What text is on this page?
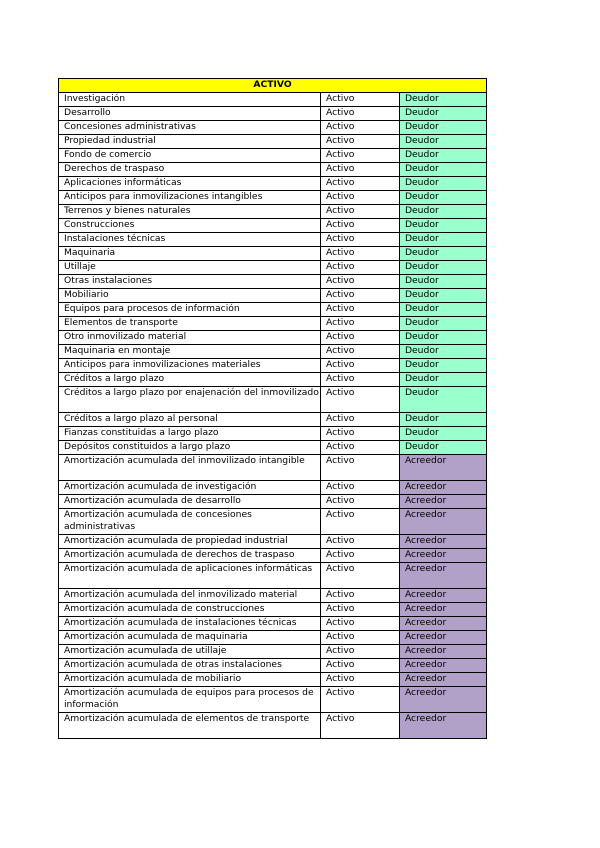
ACTIVO		
Investigación	Activo	Deudor
Desarrollo	Activo	Deudor
Concesiones administrativas	Activo	Deudor
Propiedad industrial	Activo	Deudor
Fondo de comercio	Activo	Deudor
Derechos de traspaso	Activo	Deudor
Aplicaciones informáticas	Activo	Deudor
Anticipos para inmovilizaciones intangibles	Activo	Deudor
Terrenos y bienes naturales	Activo	Deudor
Construcciones	Activo	Deudor
Instalaciones técnicas	Activo	Deudor
Maquinaria	Activo	Deudor
Utillaje	Activo	Deudor
Otras instalaciones	Activo	Deudor
Mobiliario	Activo	Deudor
Equipos para procesos de información	Activo	Deudor
Elementos de transporte	Activo	Deudor
Otro inmovilizado material	Activo	Deudor
Maquinaria en montaje	Activo	Deudor
Anticipos para inmovilizaciones materiales	Activo	Deudor
Créditos a largo plazo	Activo	Deudor
Créditos a largo plazo por enajenación del inmovilizado	Activo	Deudor
Créditos a largo plazo al personal	Activo	Deudor
Fianzas constituidas a largo plazo	Activo	Deudor
Depósitos constituidos a largo plazo	Activo	Deudor
Amortización acumulada del inmovilizado intangible	Activo	Acreedor
Amortización acumulada de investigación	Activo	Acreedor
Amortización acumulada de desarrollo	Activo	Acreedor
Amortización acumulada de concesiones administrativas	Activo	Acreedor
Amortización acumulada de propiedad industrial	Activo	Acreedor
Amortización acumulada de derechos de traspaso	Activo	Acreedor
Amortización acumulada de aplicaciones informáticas	Activo	Acreedor
Amortización acumulada del inmovilizado material	Activo	Acreedor
Amortización acumulada de construcciones	Activo	Acreedor
Amortización acumulada de instalaciones técnicas	Activo	Acreedor
Amortización acumulada de maquinaria	Activo	Acreedor
Amortización acumulada de utillaje	Activo	Acreedor
Amortización acumulada de otras instalaciones	Activo	Acreedor
Amortización acumulada de mobiliario	Activo	Acreedor
Amortización acumulada de equipos para procesos de información	Activo	Acreedor
Amortización acumulada de elementos de transporte	Activo	Acreedor
